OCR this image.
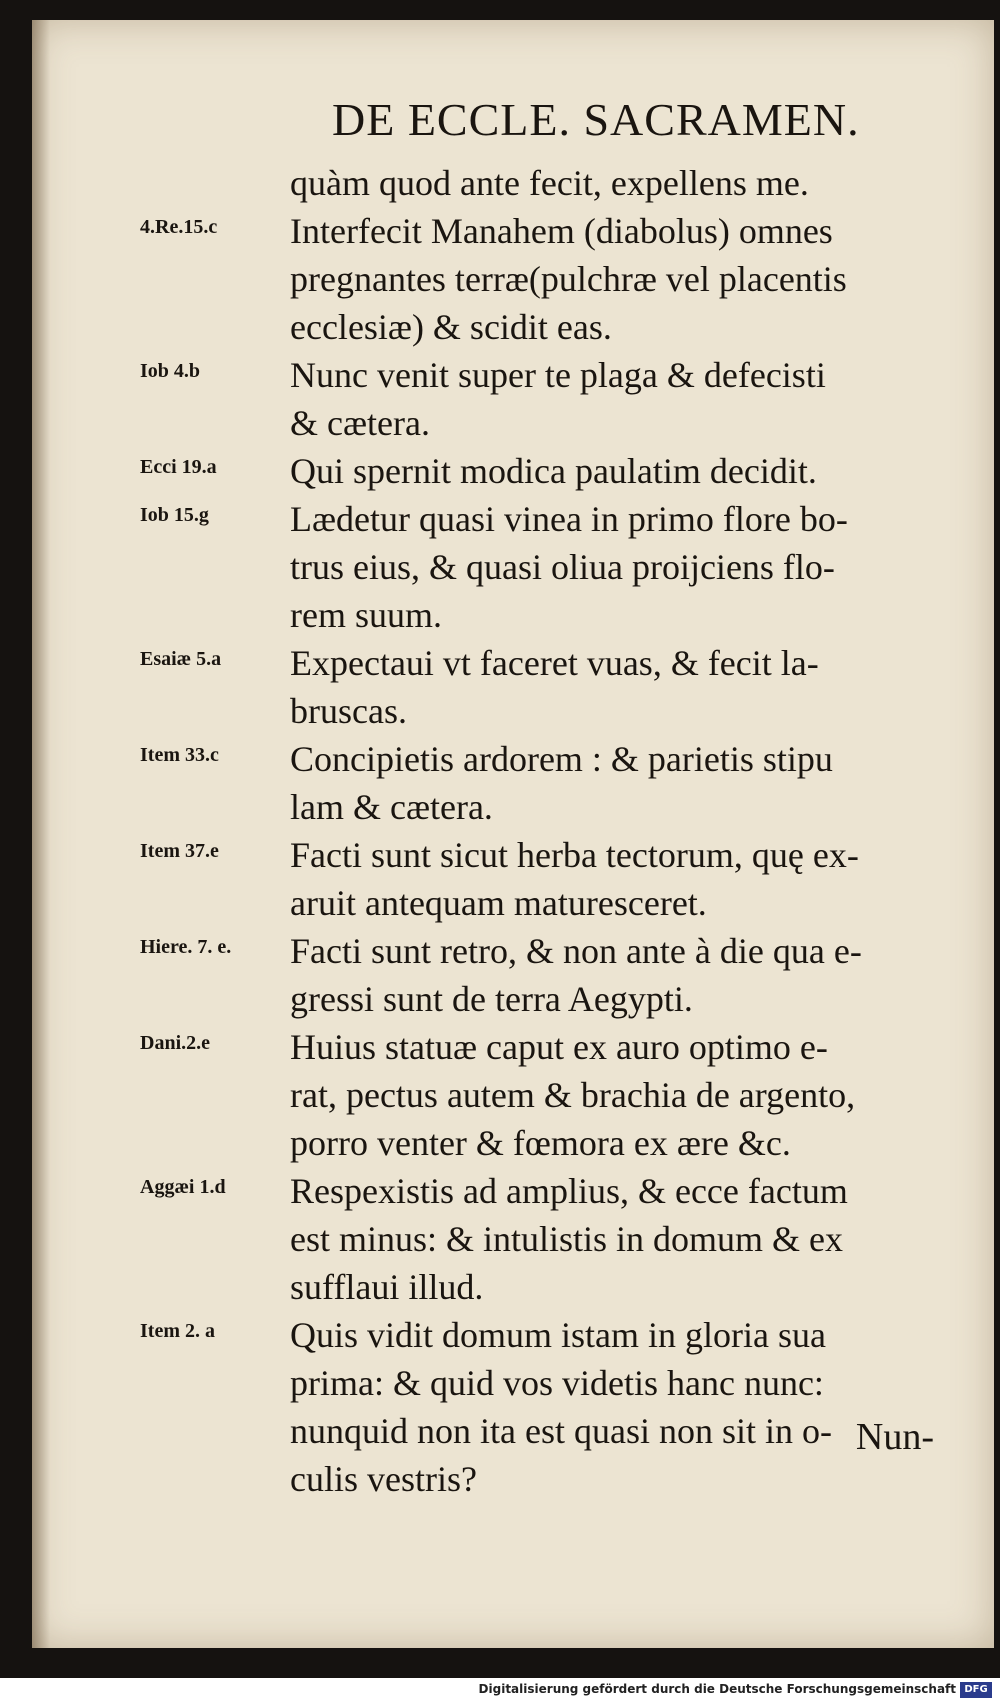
DE ECCLE. SACRAMEN.
quàm quod ante fecit, expellens me.
4.Re.15.c	Interfecit Manahem (diabolus) omnes
pregnantes terræ(pulchræ vel placentis
ecclesiæ) & scidit eas.
Iob 4.b	Nunc venit super te plaga & defecisti
& cætera.
Ecci 19.a	Qui spernit modica paulatim decidit.
Iob 15.g	Lædetur quasi vinea in primo flore bo-
trus eius, & quasi oliua proijciens flo-
rem suum.
Esaiæ 5.a	Expectaui vt faceret vuas, & fecit la-
bruscas.
Item 33.c	Concipietis ardorem : & parietis stipu
lam & cætera.
Item 37.e	Facti sunt sicut herba tectorum, quę ex-
aruit antequam maturesceret.
Hiere. 7. e.	Facti sunt retro, & non ante à die qua e-
gressi sunt de terra Aegypti.
Dani.2.e	Huius statuæ caput ex auro optimo e-
rat, pectus autem & brachia de argento,
porro venter & fœmora ex ære &c.
Aggæi 1.d	Respexistis ad amplius, & ecce factum
est minus: & intulistis in domum & ex
sufflaui illud.
Item 2. a	Quis vidit domum istam in gloria sua
prima: & quid vos videtis hanc nunc:
nunquid non ita est quasi non sit in o-
culis vestris?
Nun-
Digitalisierung gefördert durch die Deutsche Forschungsgemeinschaft DFG
